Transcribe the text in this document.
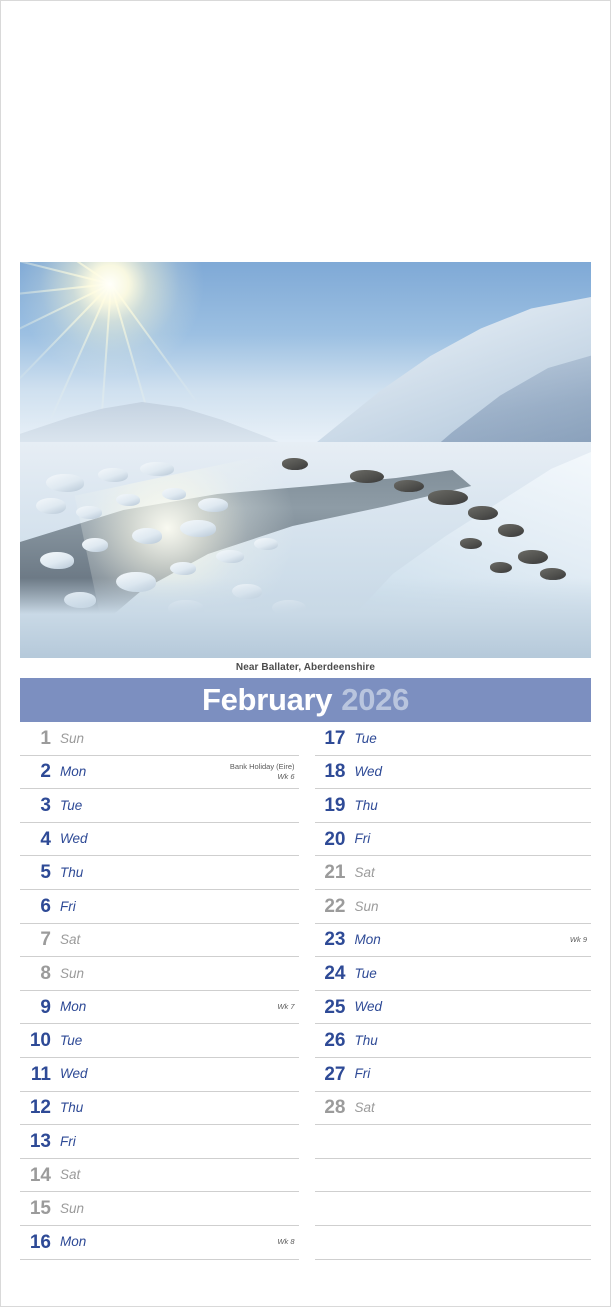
Near Ballater, Aberdeenshire
February 2026
1 Sun
2 Mon	Bank Holiday (Eire)
Wk 6
3 Tue
4 Wed
5 Thu
6 Fri
7 Sat
8 Sun
9 Mon	Wk 7
10 Tue
11 Wed
12 Thu
13 Fri
14 Sat
15 Sun
16 Mon	Wk 8
17 Tue
18 Wed
19 Thu
20 Fri
21 Sat
22 Sun
23 Mon	Wk 9
24 Tue
25 Wed
26 Thu
27 Fri
28 Sat
